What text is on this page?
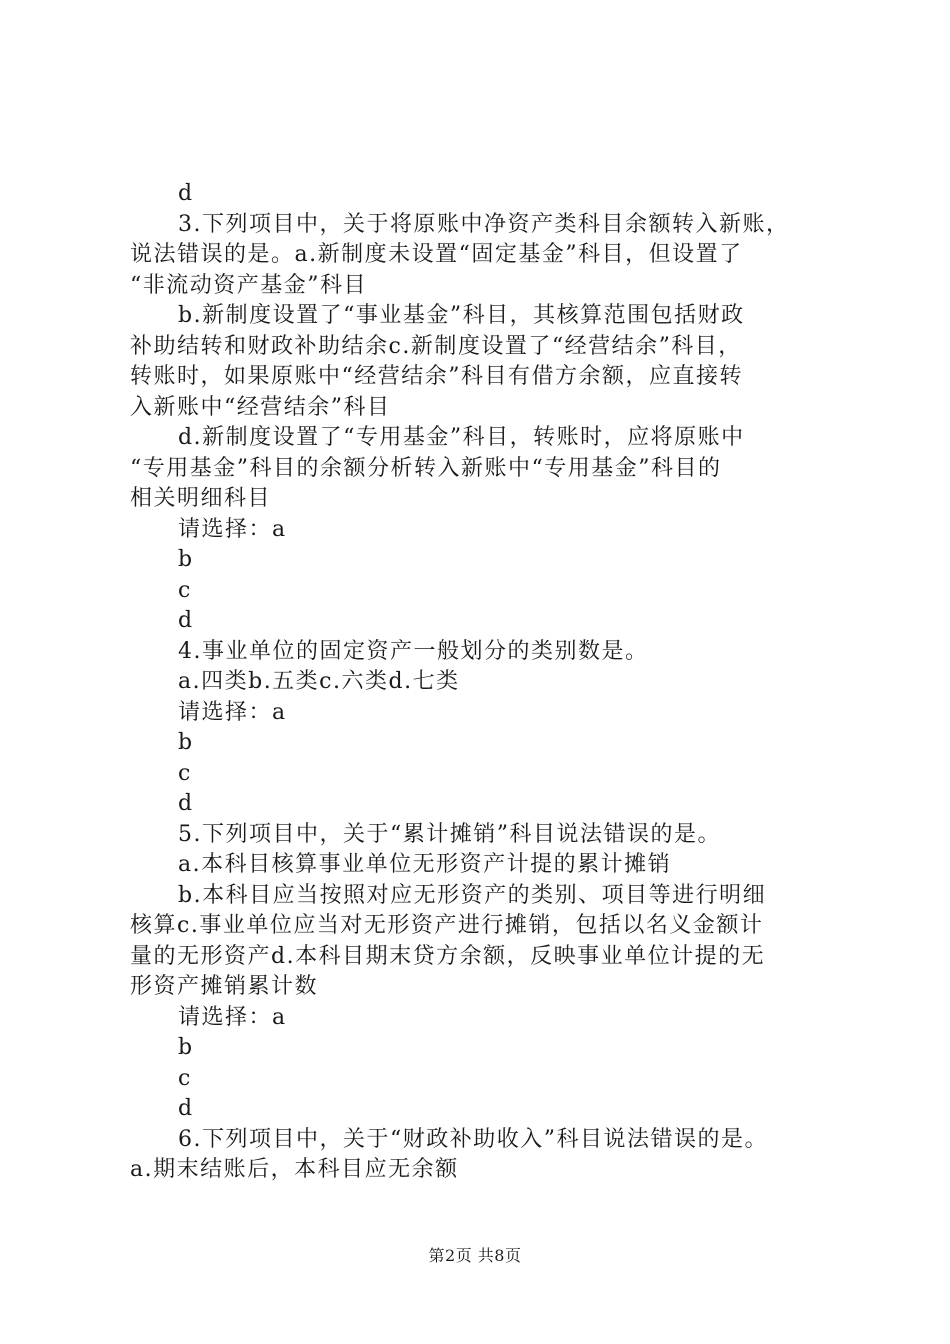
d
3.下列项目中，关于将原账中净资产类科目余额转入新账，
说法错误的是。a.新制度未设置“固定基金”科目，但设置了
“非流动资产基金”科目
b.新制度设置了“事业基金”科目，其核算范围包括财政
补助结转和财政补助结余c.新制度设置了“经营结余”科目，
转账时，如果原账中“经营结余”科目有借方余额，应直接转
入新账中“经营结余”科目
d.新制度设置了“专用基金”科目，转账时，应将原账中
“专用基金”科目的余额分析转入新账中“专用基金”科目的
相关明细科目
请选择：a
b
c
d
4.事业单位的固定资产一般划分的类别数是。
a.四类b.五类c.六类d.七类
请选择：a
b
c
d
5.下列项目中，关于“累计摊销”科目说法错误的是。
a.本科目核算事业单位无形资产计提的累计摊销
b.本科目应当按照对应无形资产的类别、项目等进行明细
核算c.事业单位应当对无形资产进行摊销，包括以名义金额计
量的无形资产d.本科目期末贷方余额，反映事业单位计提的无
形资产摊销累计数
请选择：a
b
c
d
6.下列项目中，关于“财政补助收入”科目说法错误的是。
a.期末结账后，本科目应无余额
第2页 共8页
